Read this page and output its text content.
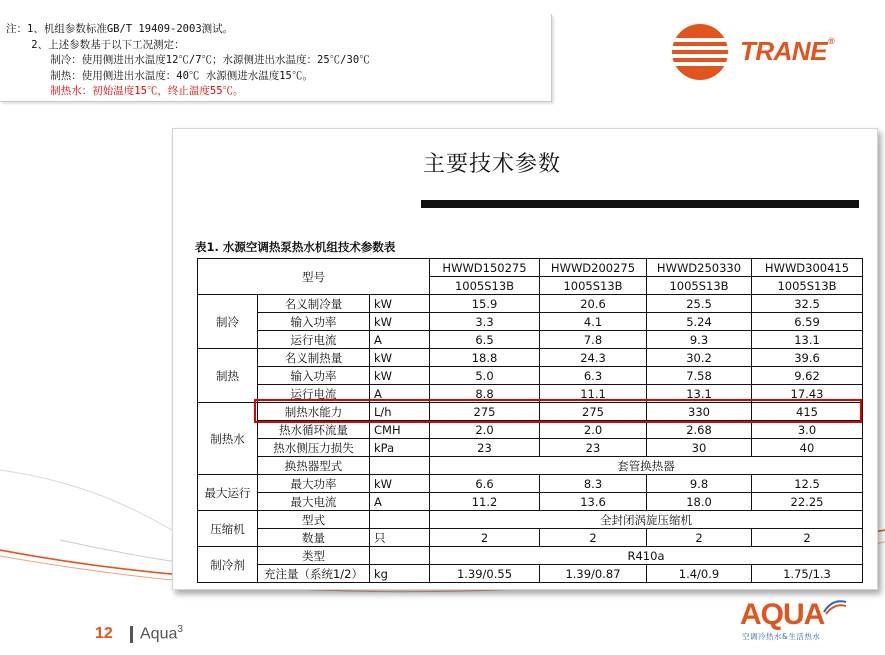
注：1、机组参数标准GB/T 19409-2003测试。
2、上述参数基于以下工况测定：
制冷：使用侧进出水温度12℃/7℃；水源侧进出水温度：25℃/30℃
制热：使用侧进出水温度：40℃ 水源侧进水温度15℃。
制热水：初始温度15℃，终止温度55℃。
TRANE®
主要技术参数
表1. 水源空调热泵热水机组技术参数表
型号			HWWD150275	HWWD200275	HWWD250330	HWWD300415
			1005S13B	1005S13B	1005S13B	1005S13B
制冷	名义制冷量	kW	15.9	20.6	25.5	32.5
	输入功率	kW	3.3	4.1	5.24	6.59
	运行电流	A	6.5	7.8	9.3	13.1
制热	名义制热量	kW	18.8	24.3	30.2	39.6
	输入功率	kW	5.0	6.3	7.58	9.62
	运行电流	A	8.8	11.1	13.1	17.43
制热水	制热水能力	L/h	275	275	330	415
	热水循环流量	CMH	2.0	2.0	2.68	3.0
	热水侧压力损失	kPa	23	23	30	40
	换热器型式		套管换热器			
最大运行	最大功率	kW	6.6	8.3	9.8	12.5
	最大电流	A	11.2	13.6	18.0	22.25
压缩机	型式		全封闭涡旋压缩机			
	数量	只	2	2	2	2
制冷剂	类型		R410a			
	充注量（系统1/2）	kg	1.39/0.55	1.39/0.87	1.4/0.9	1.75/1.3
12 Aqua$^3$	AQUA
空调冷热水&生活热水
